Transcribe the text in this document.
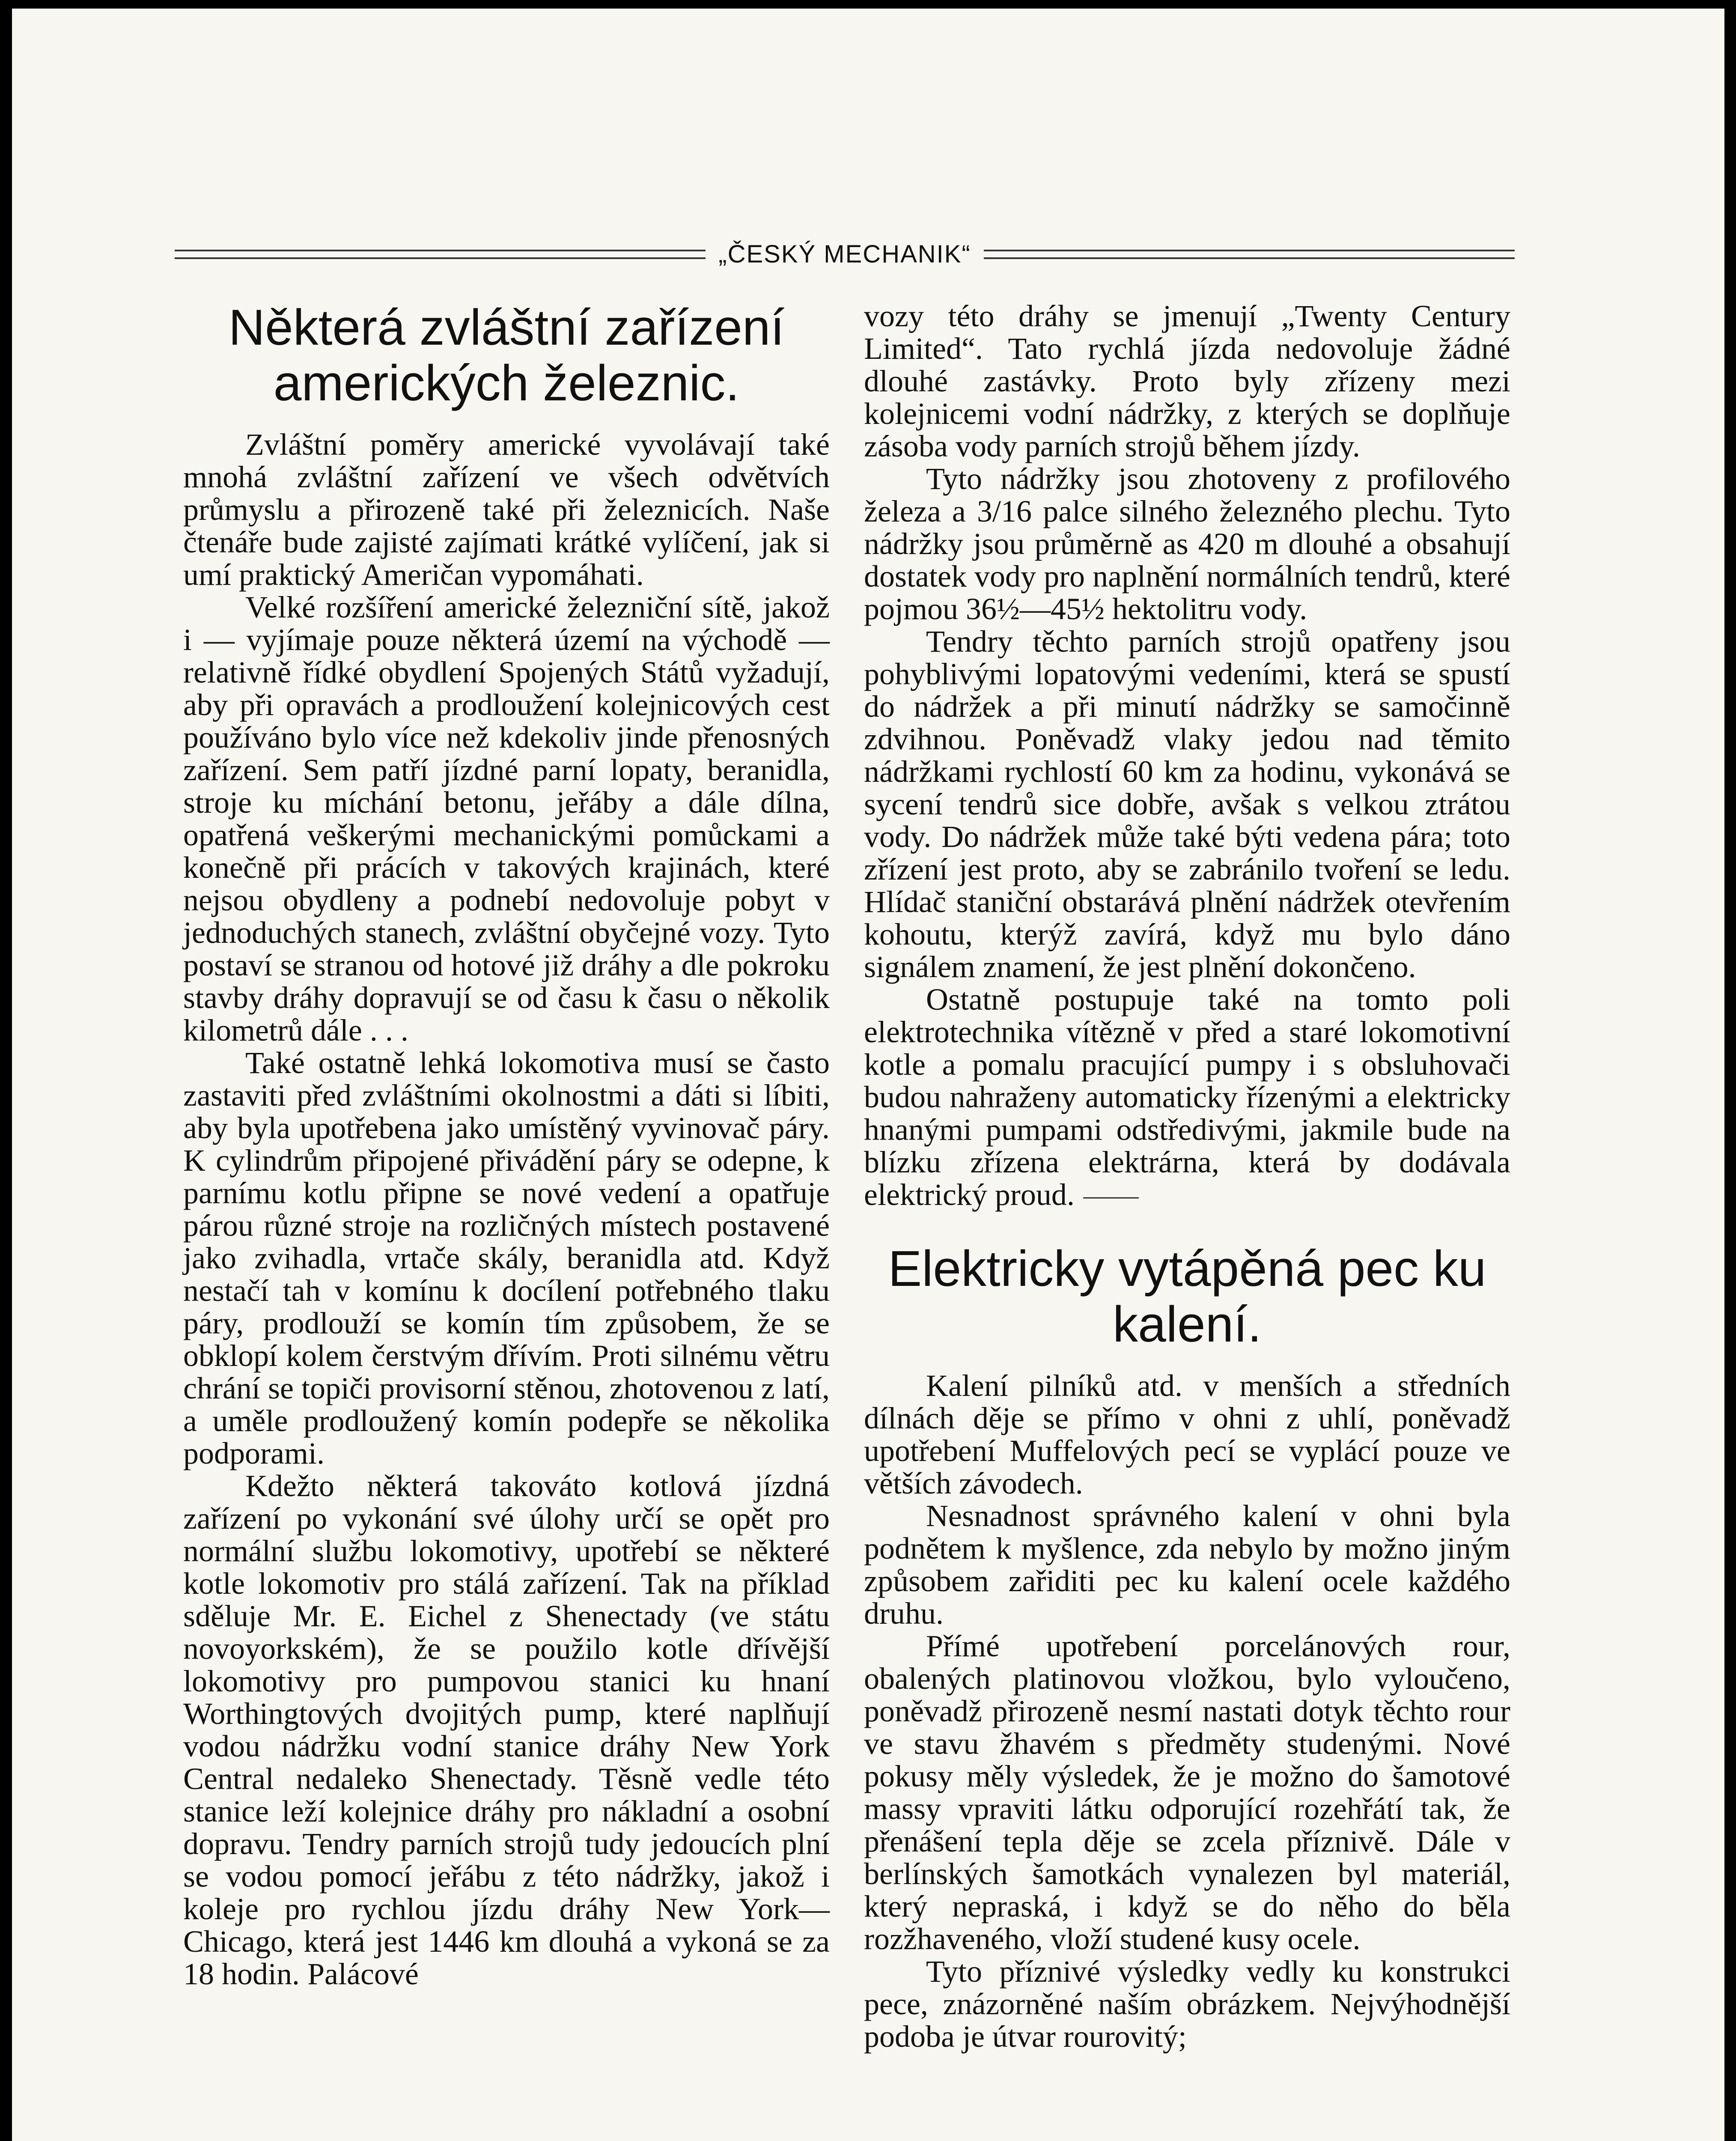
„ČESKÝ MECHANIK“
Některá zvláštní zařízení amerických železnic.

Zvláštní poměry americké vyvolávají také mnohá zvláštní zařízení ve všech odvětvích průmyslu a přirozeně také při železnicích. Naše čtenáře bude zajisté zajímati krátké vylíčení, jak si umí praktický Američan vypomáhati.

Velké rozšíření americké železniční sítě, jakož i — vyjímaje pouze některá území na východě — relativně řídké obydlení Spojených Států vyžadují, aby při opravách a prodloužení kolejnicových cest používáno bylo více než kdekoliv jinde přenosných zařízení. Sem patří jízdné parní lopaty, beranidla, stroje ku míchání betonu, jeřáby a dále dílna, opatřená veškerými mechanickými pomůckami a konečně při prácích v takových krajinách, které nejsou obydleny a podnebí nedovoluje pobyt v jednoduchých stanech, zvláštní obyčejné vozy. Tyto postaví se stranou od hotové již dráhy a dle pokroku stavby dráhy dopravují se od času k času o několik kilometrů dále . . .

Také ostatně lehká lokomotiva musí se často zastaviti před zvláštními okolnostmi a dáti si líbiti, aby byla upotřebena jako umístěný vyvinovač páry. K cylindrům připojené přivádění páry se odepne, k parnímu kotlu připne se nové vedení a opatřuje párou různé stroje na rozličných místech postavené jako zvihadla, vrtače skály, beranidla atd. Když nestačí tah v komínu k docílení potřebného tlaku páry, prodlouží se komín tím způsobem, že se obklopí kolem čerstvým dřívím. Proti silnému větru chrání se topiči provisorní stěnou, zhotovenou z latí, a uměle prodloužený komín podepře se několika podporami.

Kdežto některá takováto kotlová jízdná zařízení po vykonání své úlohy určí se opět pro normální službu lokomotivy, upotřebí se některé kotle lokomotiv pro stálá zařízení. Tak na příklad sděluje Mr. E. Eichel z Shenectady (ve státu novoyorkském), že se použilo kotle dřívější lokomotivy pro pumpovou stanici ku hnaní Worthingtových dvojitých pump, které naplňují vodou nádržku vodní stanice dráhy New York Central nedaleko Shenectady. Těsně vedle této stanice leží kolejnice dráhy pro nákladní a osobní dopravu. Tendry parních strojů tudy jedoucích plní se vodou pomocí jeřábu z této nádržky, jakož i koleje pro rychlou jízdu dráhy New York—Chicago, která jest 1446 km dlouhá a vykoná se za 18 hodin. Palácové

vozy této dráhy se jmenují „Twenty Century Limited“. Tato rychlá jízda nedovoluje žádné dlouhé zastávky. Proto byly zřízeny mezi kolejnicemi vodní nádržky, z kterých se doplňuje zásoba vody parních strojů během jízdy.

Tyto nádržky jsou zhotoveny z profilového železa a 3/16 palce silného železného plechu. Tyto nádržky jsou průměrně as 420 m dlouhé a obsahují dostatek vody pro naplnění normálních tendrů, které pojmou 36½—45½ hektolitru vody.

Tendry těchto parních strojů opatřeny jsou pohyblivými lopatovými vedeními, která se spustí do nádržek a při minutí nádržky se samočinně zdvihnou. Poněvadž vlaky jedou nad těmito nádržkami rychlostí 60 km za hodinu, vykonává se sycení tendrů sice dobře, avšak s velkou ztrátou vody. Do nádržek může také býti vedena pára; toto zřízení jest proto, aby se zabránilo tvoření se ledu. Hlídač staniční obstarává plnění nádržek otevřením kohoutu, kterýž zavírá, když mu bylo dáno signálem znamení, že jest plnění dokončeno.

Ostatně postupuje také na tomto poli elektrotechnika vítězně v před a staré lokomotivní kotle a pomalu pracující pumpy i s obsluhovači budou nahraženy automaticky řízenými a elektricky hnanými pumpami odstředivými, jakmile bude na blízku zřízena elektrárna, která by dodávala elektrický proud.

Elektricky vytápěná pec ku kalení.

Kalení pilníků atd. v menších a středních dílnách děje se přímo v ohni z uhlí, poněvadž upotřebení Muffelových pecí se vyplácí pouze ve větších závodech.

Nesnadnost správného kalení v ohni byla podnětem k myšlence, zda nebylo by možno jiným způsobem zařiditi pec ku kalení ocele každého druhu.

Přímé upotřebení porcelánových rour, obalených platinovou vložkou, bylo vyloučeno, poněvadž přirozeně nesmí nastati dotyk těchto rour ve stavu žhavém s předměty studenými. Nové pokusy měly výsledek, že je možno do šamotové massy vpraviti látku odporující rozehřátí tak, že přenášení tepla děje se zcela příznivě. Dále v berlínských šamotkách vynalezen byl materiál, který nepraská, i když se do něho do běla rozžhaveného, vloží studené kusy ocele.

Tyto příznivé výsledky vedly ku konstrukci pece, znázorněné naším obrázkem. Nejvýhodnější podoba je útvar rourovitý;
